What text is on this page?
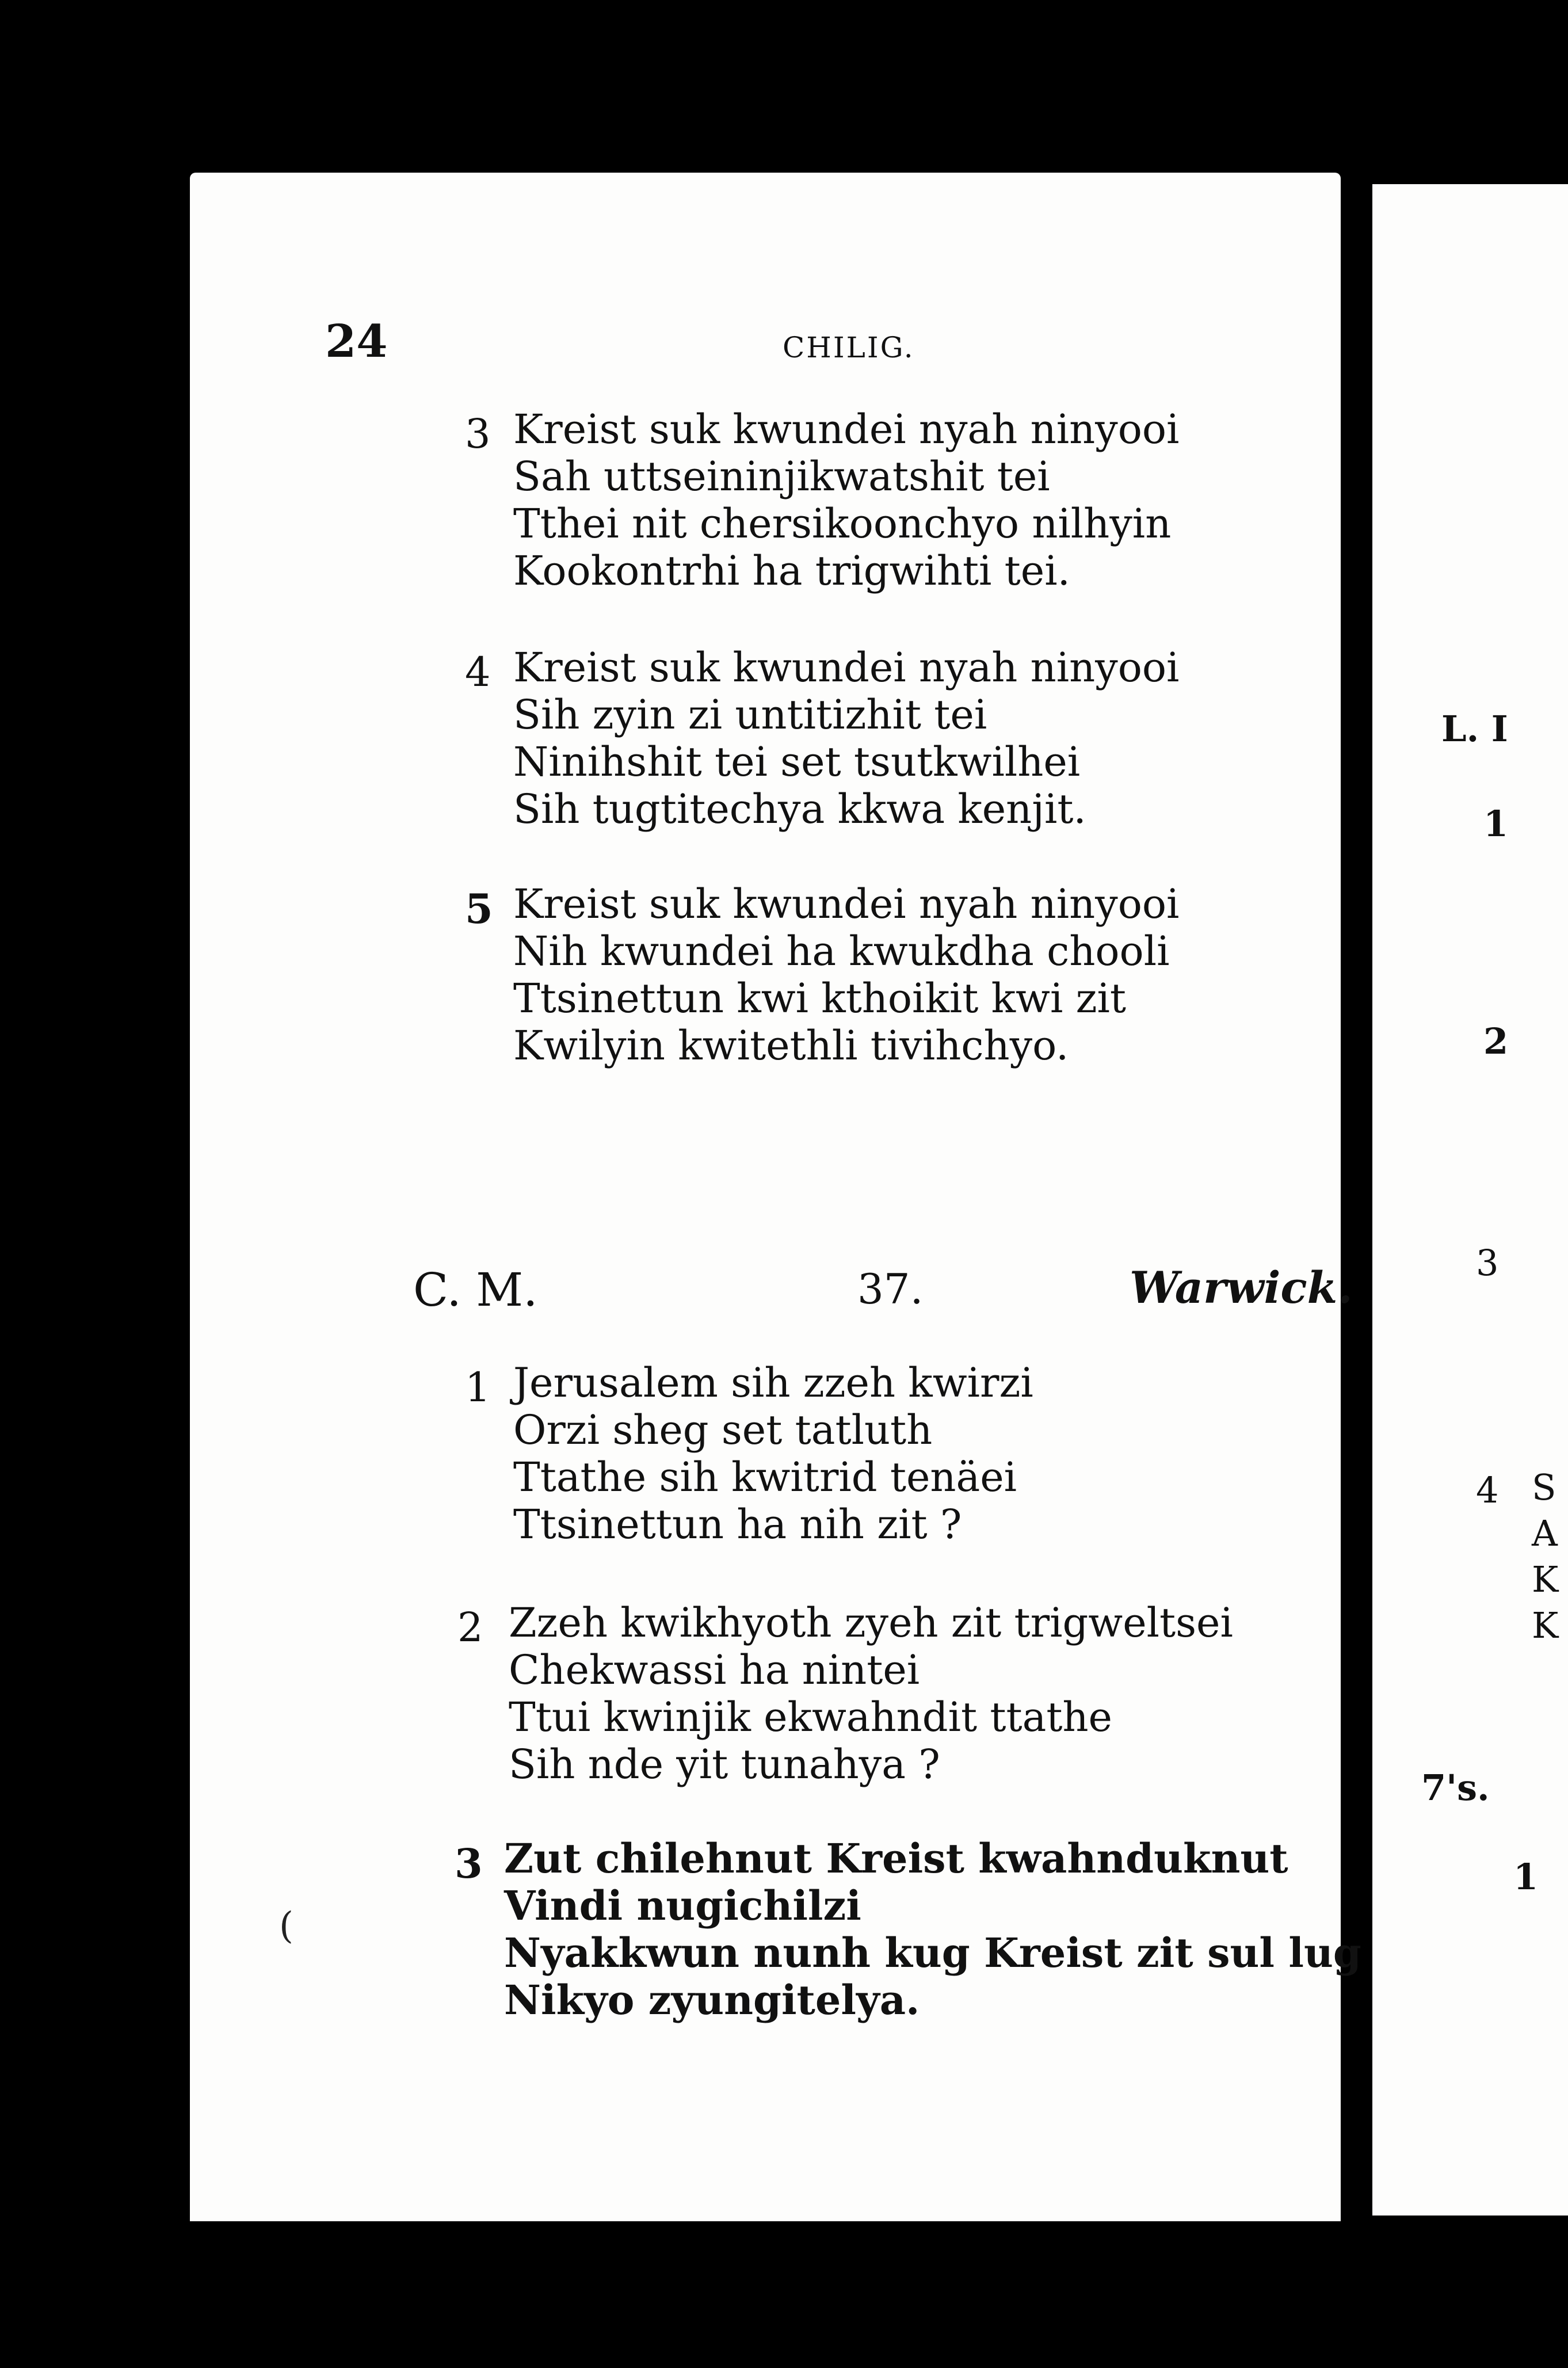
24	CHILIG.
3 Kreist suk kwundei nyah ninyooi
Sah uttseininjikwatshit tei
Tthei nit chersikoonchyo nilhyin
Kookontrhi ha trigwihti tei.
4 Kreist suk kwundei nyah ninyooi
Sih zyin zi untitizhit tei
Ninihshit tei set tsutkwilhei
Sih tugtitechya kkwa kenjit.
5 Kreist suk kwundei nyah ninyooi
Nih kwundei ha kwukdha chooli
Ttsinettun kwi kthoikit kwi zit
Kwilyin kwitethli tivihchyo.
C. M.	37.	Warwick.
1 Jerusalem sih zzeh kwirzi
Orzi sheg set tatluth
Ttathe sih kwitrid tenäei
Ttsinettun ha nih zit ?
2 Zzeh kwikhyoth zyeh zit trigweltsei
Chekwassi ha nintei
Ttui kwinjik ekwahndit ttathe
Sih nde yit tunahya ?
3 Zut chilehnut Kreist kwahnduknut
Vindi nugichilzi
Nyakkwun nunh kug Kreist zit sul lug
Nikyo zyungitelya.
(
L. I
1
2
3
4 S
A
K
K
7's.
1
